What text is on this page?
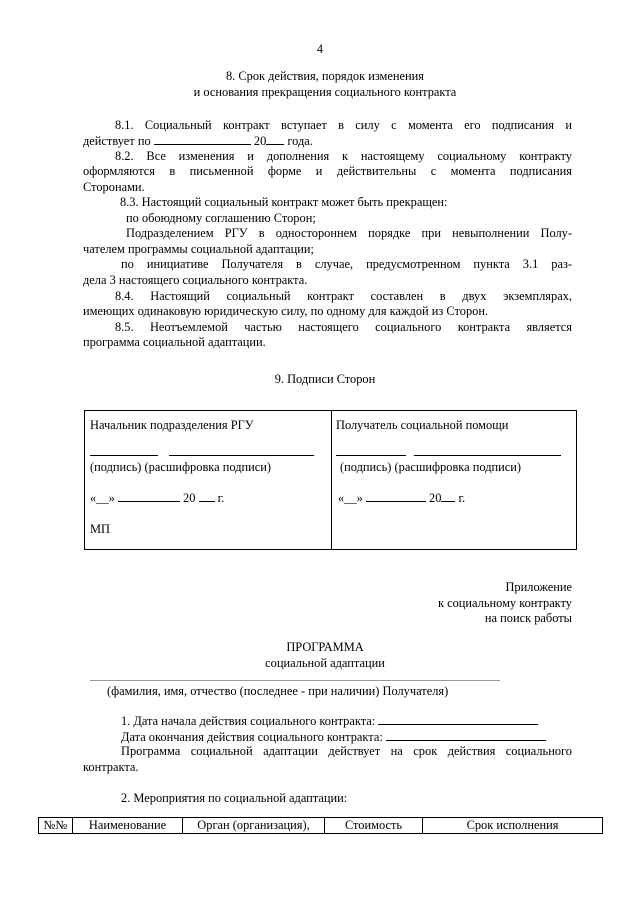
4
8. Срок действия, порядок изменения
и основания прекращения социального контракта
8.1. Социальный контракт вступает в силу с момента его подписания и
действует по	20 года.
8.2. Все изменения и дополнения к настоящему социальному контракту
оформляются в письменной форме и действительны с момента подписания
Сторонами.
8.3. Настоящий социальный контракт может быть прекращен:
по обоюдному соглашению Сторон;
Подразделением РГУ в одностороннем порядке при невыполнении Полу-
чателем программы социальной адаптации;
по инициативе Получателя в случае, предусмотренном пункта 3.1 раз-
дела 3 настоящего социального контракта.
8.4. Настоящий социальный контракт составлен в двух экземплярах,
имеющих одинаковую юридическую силу, по одному для каждой из Сторон.
8.5. Неотъемлемой частью настоящего социального контракта является
программа социальной адаптации.
9. Подписи Сторон
Начальник подразделения РГУ
(подпись) (расшифровка подписи)
«__»	20 г.
МП
Получатель социальной помощи
(подпись) (расшифровка подписи)
«__»	20 г.
Приложение
к социальному контракту
на поиск работы
ПРОГРАММА
социальной адаптации
(фамилия, имя, отчество (последнее - при наличии) Получателя)
1. Дата начала действия социального контракта:
Дата окончания действия социального контракта:
Программа социальной адаптации действует на срок действия социального
контракта.
2. Мероприятия по социальной адаптации:
№№	Наименование	Орган (организация),	Стоимость	Срок исполнения
